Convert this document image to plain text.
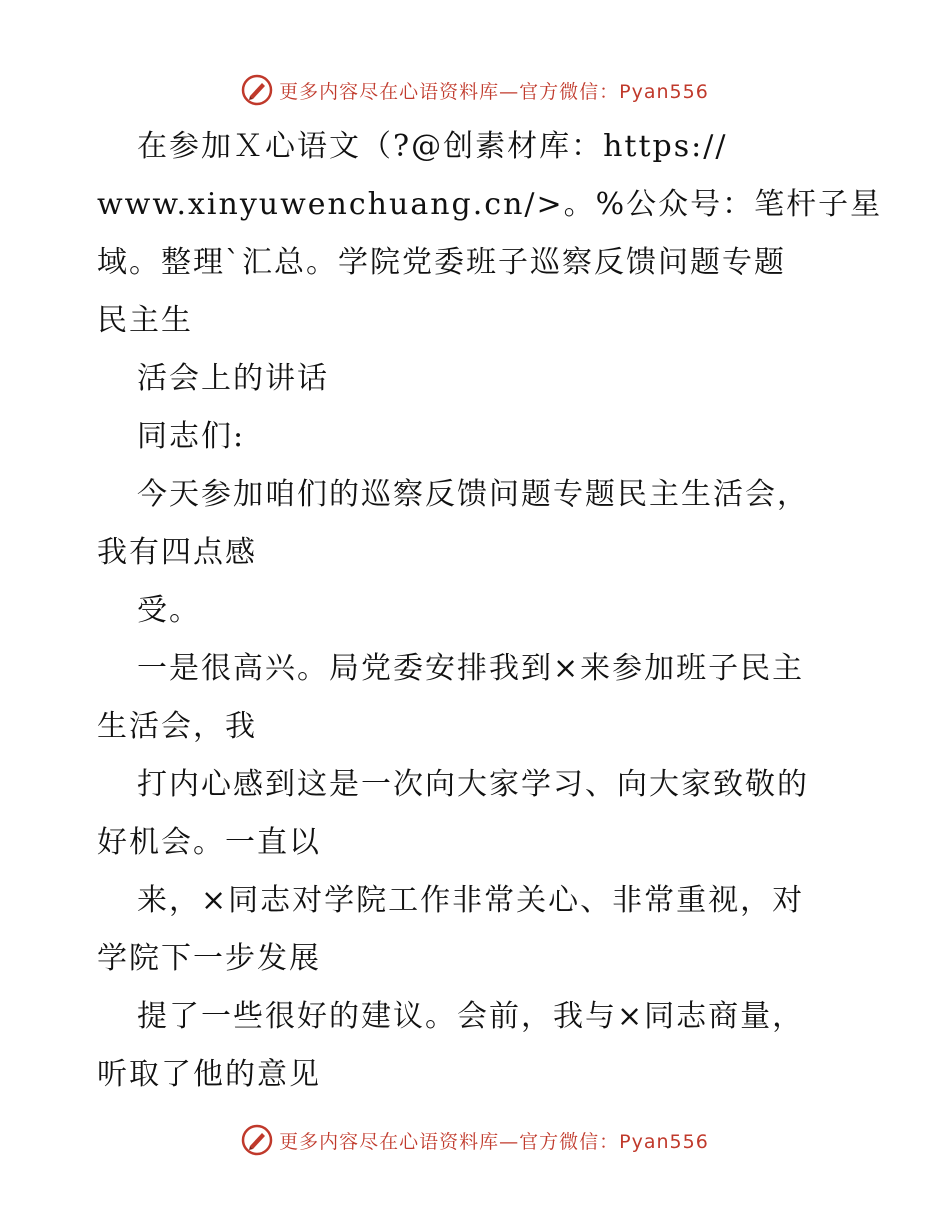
更多内容尽在心语资料库—官方微信：Pyan556
在参加Ｘ心语文（?@创素材库：https://
www.xinyuwenchuang.cn/>。%公众号：笔杆子星
域。整理`汇总。学院党委班子巡察反馈问题专题
民主生
活会上的讲话
同志们:
今天参加咱们的巡察反馈问题专题民主生活会，
我有四点感
受。
一是很高兴。局党委安排我到×来参加班子民主
生活会，我
打内心感到这是一次向大家学习、向大家致敬的
好机会。一直以
来，×同志对学院工作非常关心、非常重视，对
学院下一步发展
提了一些很好的建议。会前，我与×同志商量，
听取了他的意见
更多内容尽在心语资料库—官方微信：Pyan556
